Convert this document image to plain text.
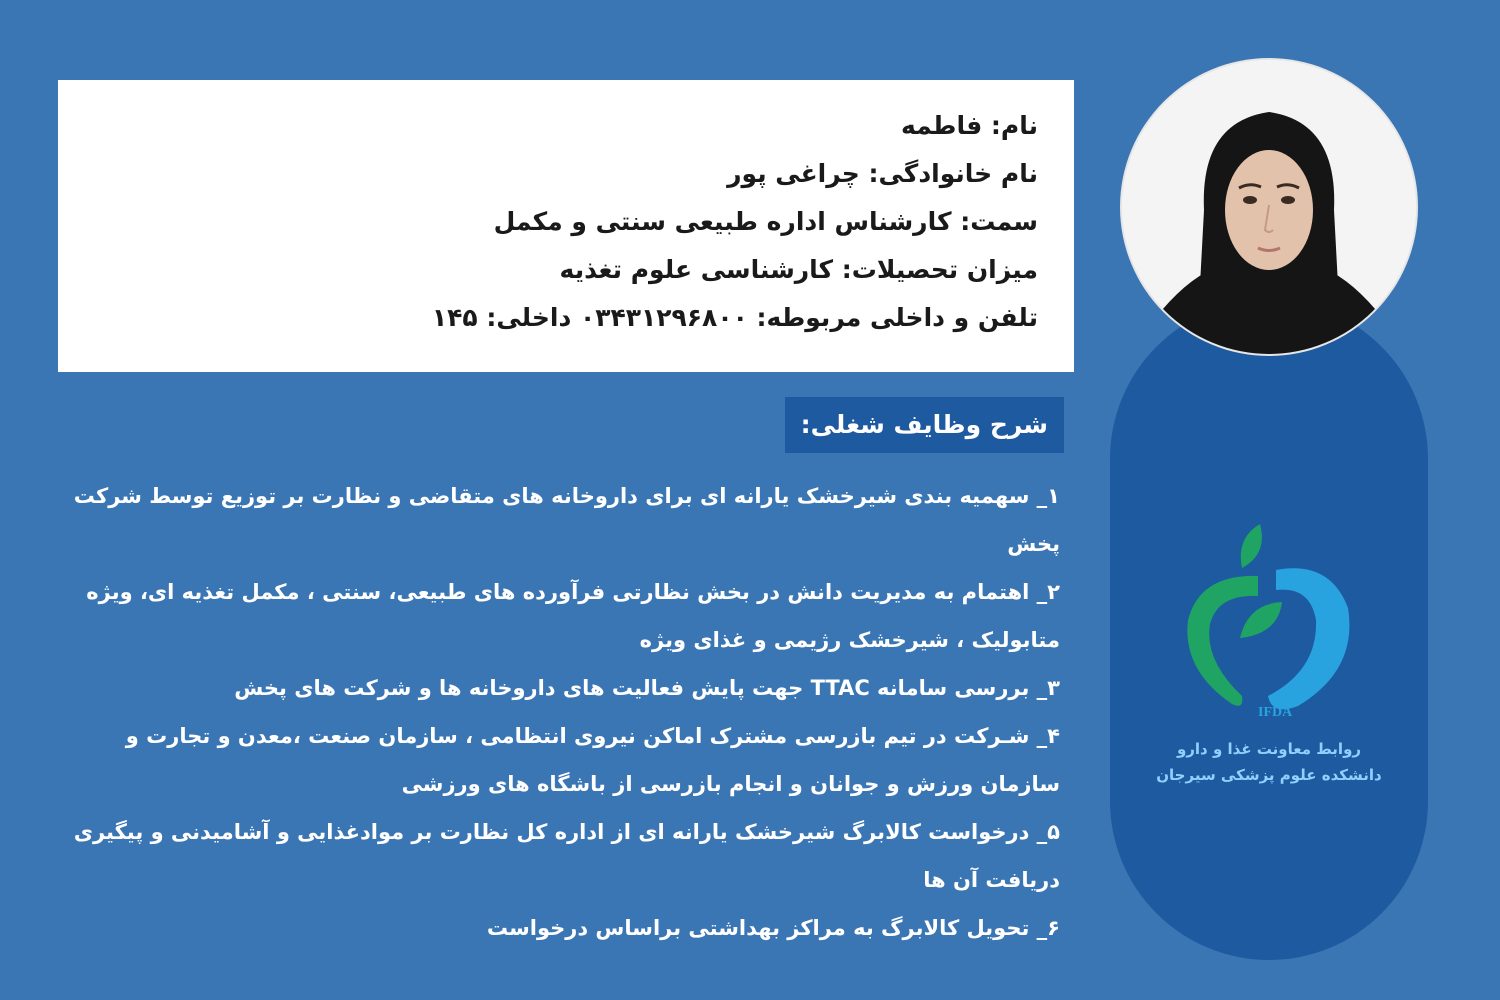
نام: فاطمه
نام خانوادگی: چراغی پور
سمت: کارشناس اداره طبیعی سنتی و مکمل
میزان تحصیلات: کارشناسی علوم تغذیه
تلفن و داخلی مربوطه: ۰۳۴۳۱۲۹۶۸۰۰ داخلی: ۱۴۵
شرح وظایف شغلی:

۱_ سهمیه بندی شیرخشک یارانه ای برای داروخانه های متقاضی و نظارت بر توزیع توسط شرکت پخش

۲_ اهتمام به مدیریت دانش در بخش نظارتی فرآورده های طبیعی، سنتی ، مکمل تغذیه ای، ویژه متابولیک ، شیرخشک رژیمی و غذای ویژه

۳_ بررسی سامانه TTAC جهت پایش فعالیت های داروخانه ها و شرکت های پخش

۴_ شـرکت در تیم بازرسی مشترک اماکن نیروی انتظامی ، سازمان صنعت ،معدن و تجارت و سازمان ورزش و جوانان و انجام بازرسی از باشگاه های ورزشی

۵_ درخواست کالابرگ شیرخشک یارانه ای از اداره کل نظارت بر موادغذایی و آشامیدنی و پیگیری دریافت آن ها

۶_ تحویل کالابرگ به مراکز بهداشتی براساس درخواست

IFDA
روابط معاونت غذا و دارو
دانشکده علوم پزشکی سیرجان
